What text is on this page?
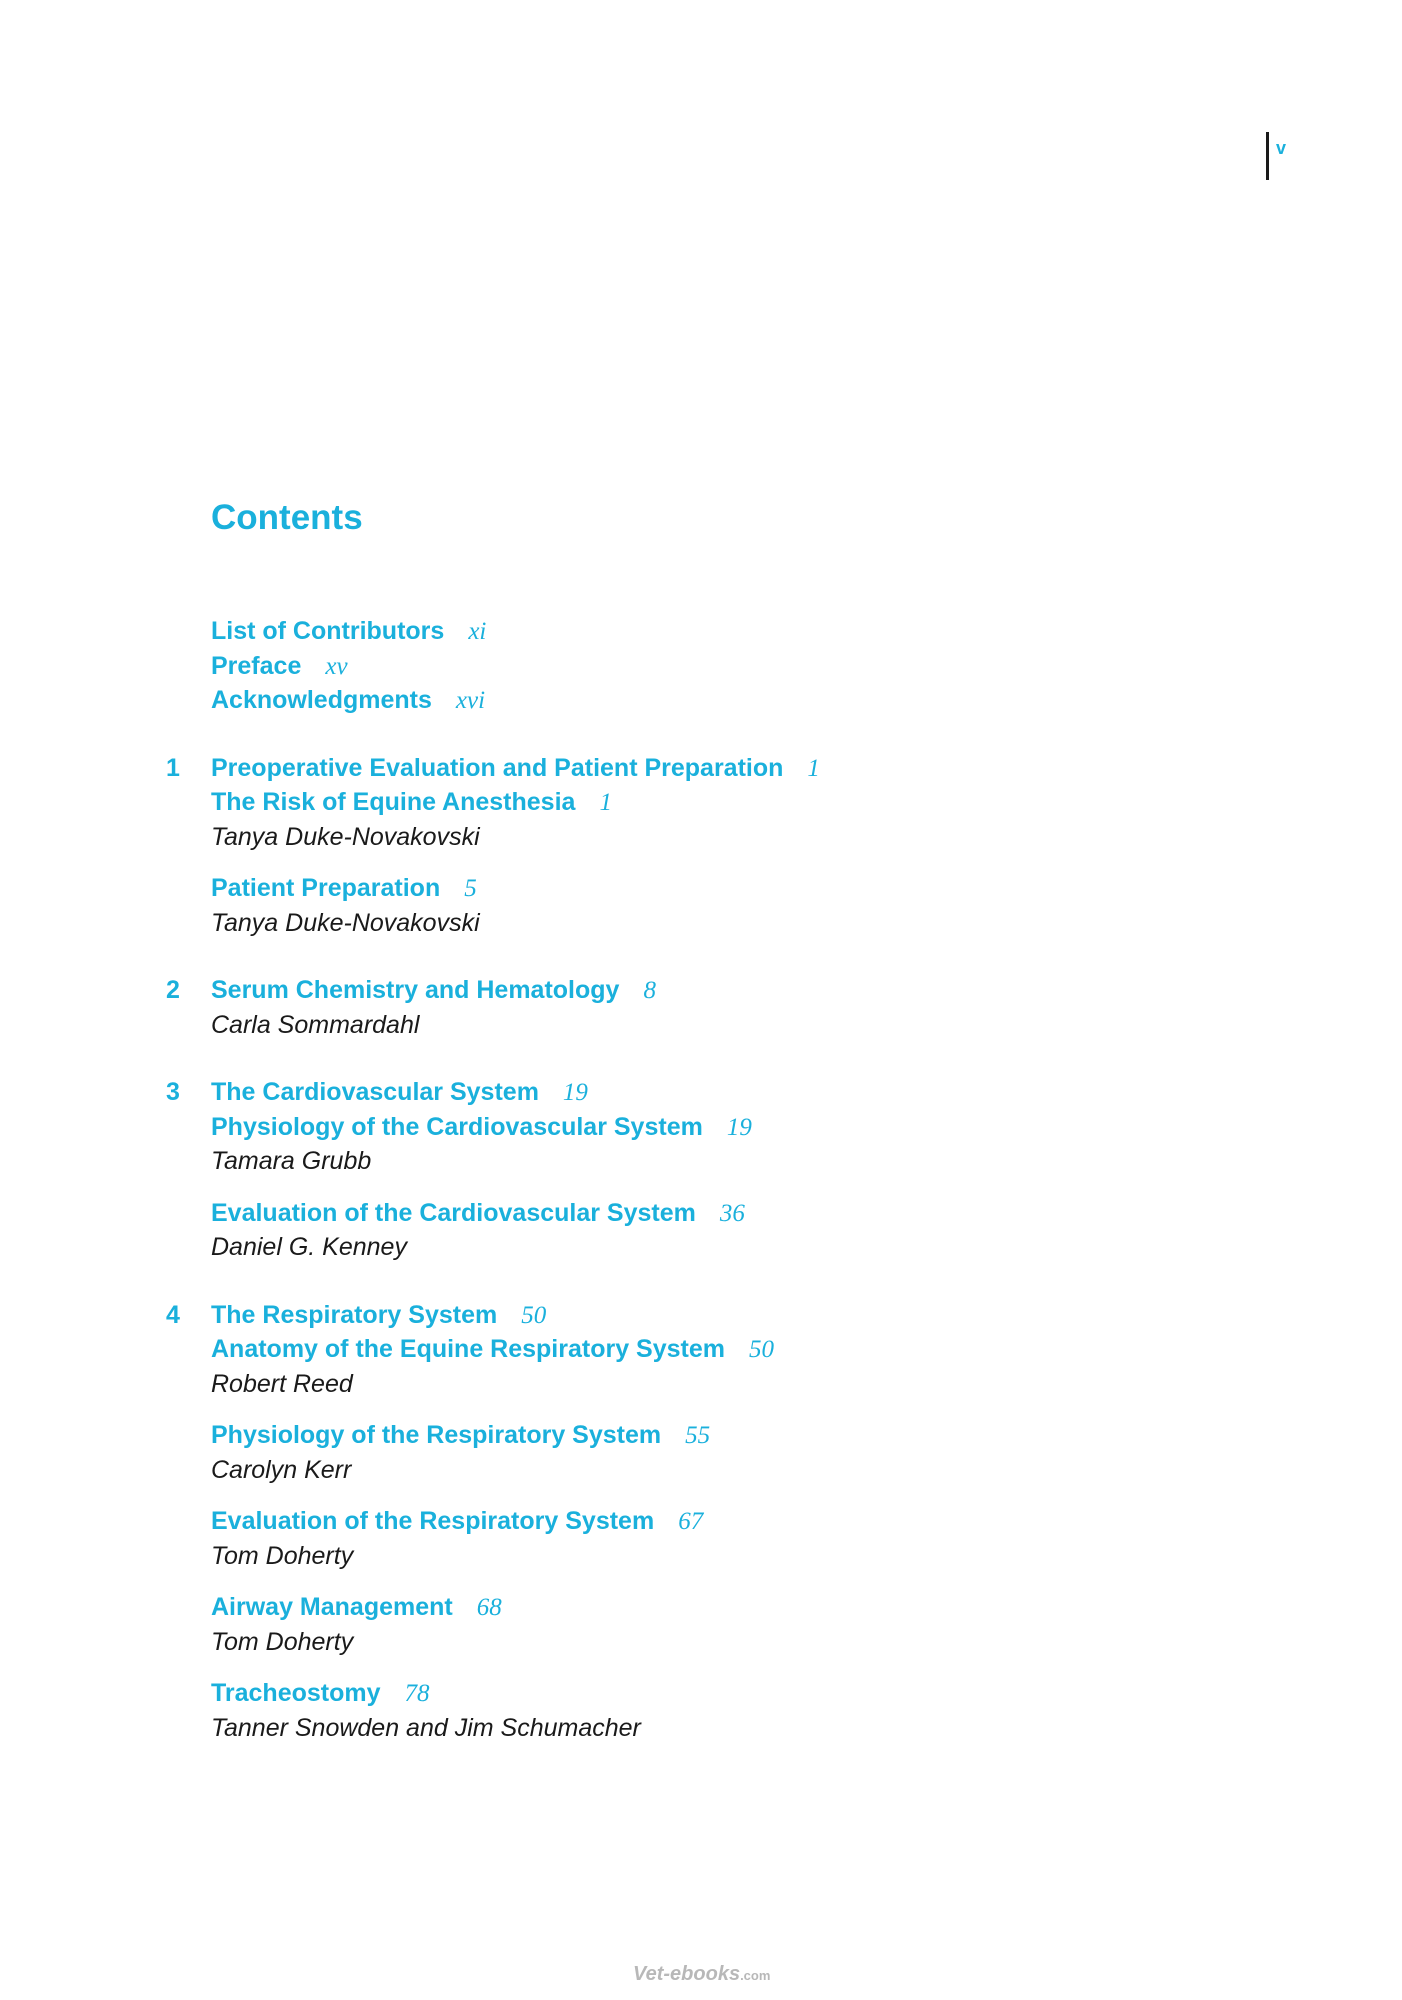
v
Contents
List of Contributors xi
Preface xv
Acknowledgments xvi
1 Preoperative Evaluation and Patient Preparation 1
The Risk of Equine Anesthesia 1
Tanya Duke-Novakovski
Patient Preparation 5
Tanya Duke-Novakovski
2 Serum Chemistry and Hematology 8
Carla Sommardahl
3 The Cardiovascular System 19
Physiology of the Cardiovascular System 19
Tamara Grubb
Evaluation of the Cardiovascular System 36
Daniel G. Kenney
4 The Respiratory System 50
Anatomy of the Equine Respiratory System 50
Robert Reed
Physiology of the Respiratory System 55
Carolyn Kerr
Evaluation of the Respiratory System 67
Tom Doherty
Airway Management 68
Tom Doherty
Tracheostomy 78
Tanner Snowden and Jim Schumacher
Vet-ebooks.com
